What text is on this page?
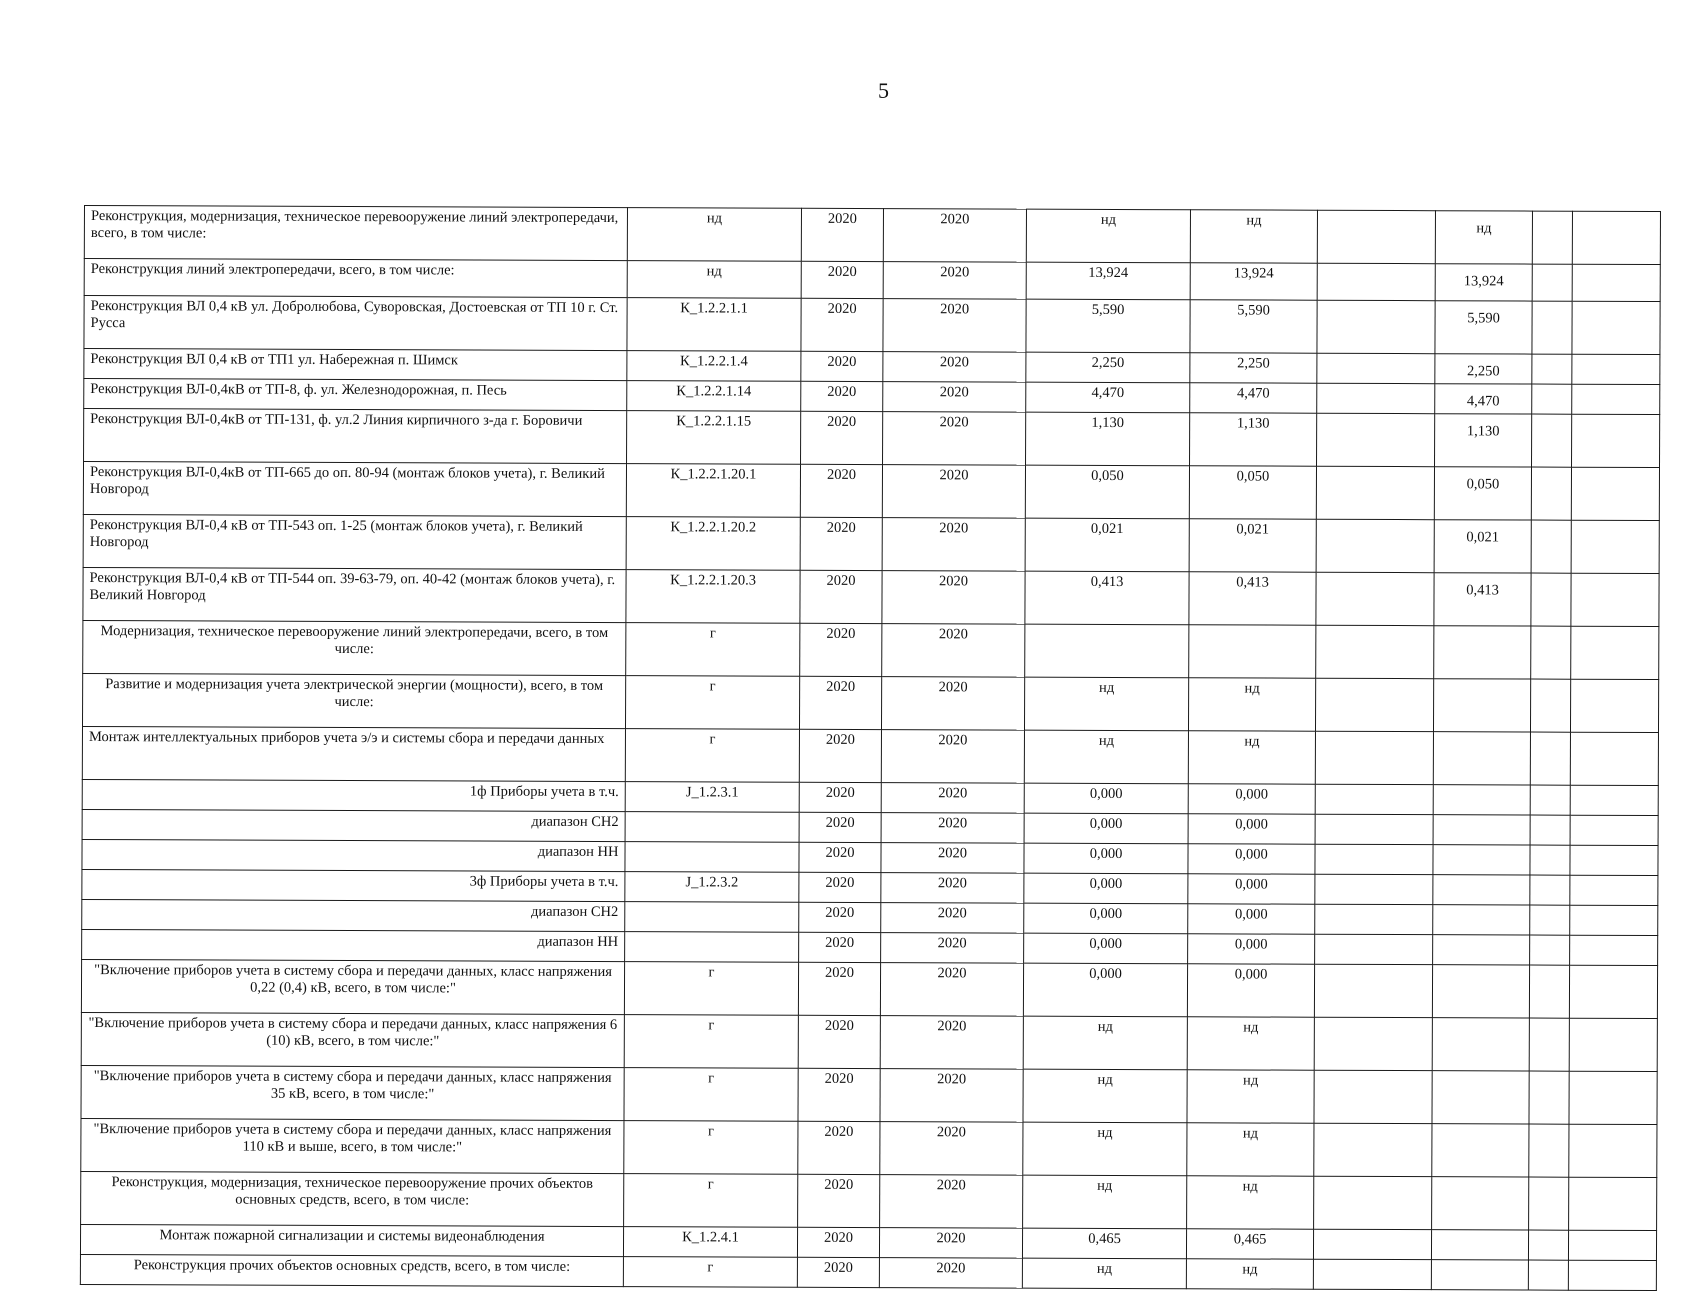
5
Реконструкция, модернизация, техническое перевооружение линий электропередачи, всего, в том числе:	нд	2020	2020	нд	нд		нд		
Реконструкция линий электропередачи, всего, в том числе:	нд	2020	2020	13,924	13,924		13,924		
Реконструкция ВЛ 0,4 кВ ул. Добролюбова, Суворовская, Достоевская от ТП 10 г. Ст. Русса	К_1.2.2.1.1	2020	2020	5,590	5,590		5,590		
Реконструкция ВЛ 0,4 кВ от ТП1 ул. Набережная п. Шимск	К_1.2.2.1.4	2020	2020	2,250	2,250		2,250		
Реконструкция ВЛ-0,4кВ от ТП-8, ф. ул. Железнодорожная, п. Песь	К_1.2.2.1.14	2020	2020	4,470	4,470		4,470		
Реконструкция ВЛ-0,4кВ от ТП-131, ф. ул.2 Линия кирпичного з-да г. Боровичи	К_1.2.2.1.15	2020	2020	1,130	1,130		1,130		
Реконструкция ВЛ-0,4кВ от ТП-665 до оп. 80-94 (монтаж блоков учета), г. Великий Новгород	К_1.2.2.1.20.1	2020	2020	0,050	0,050		0,050		
Реконструкция ВЛ-0,4 кВ от ТП-543 оп. 1-25 (монтаж блоков учета), г. Великий Новгород	К_1.2.2.1.20.2	2020	2020	0,021	0,021		0,021		
Реконструкция ВЛ-0,4 кВ от ТП-544 оп. 39-63-79, оп. 40-42 (монтаж блоков учета), г. Великий Новгород	К_1.2.2.1.20.3	2020	2020	0,413	0,413		0,413		
Модернизация, техническое перевооружение линий электропередачи, всего, в том числе:	г	2020	2020						
Развитие и модернизация учета электрической энергии (мощности), всего, в том числе:	г	2020	2020	нд	нд				
Монтаж интеллектуальных приборов учета э/э и системы сбора и передачи данных	г	2020	2020	нд	нд				
1ф Приборы учета в т.ч.	J_1.2.3.1	2020	2020	0,000	0,000				
диапазон СН2		2020	2020	0,000	0,000				
диапазон НН		2020	2020	0,000	0,000				
3ф Приборы учета в т.ч.	J_1.2.3.2	2020	2020	0,000	0,000				
диапазон СН2		2020	2020	0,000	0,000				
диапазон НН		2020	2020	0,000	0,000				
"Включение приборов учета в систему сбора и передачи данных, класс напряжения 0,22 (0,4) кВ, всего, в том числе:"	г	2020	2020	0,000	0,000				
"Включение приборов учета в систему сбора и передачи данных, класс напряжения 6 (10) кВ, всего, в том числе:"	г	2020	2020	нд	нд				
"Включение приборов учета в систему сбора и передачи данных, класс напряжения 35 кВ, всего, в том числе:"	г	2020	2020	нд	нд				
"Включение приборов учета в систему сбора и передачи данных, класс напряжения 110 кВ и выше, всего, в том числе:"	г	2020	2020	нд	нд				
Реконструкция, модернизация, техническое перевооружение прочих объектов основных средств, всего, в том числе:	г	2020	2020	нд	нд				
Монтаж пожарной сигнализации и системы видеонаблюдения	К_1.2.4.1	2020	2020	0,465	0,465				
Реконструкция прочих объектов основных средств, всего, в том числе:	г	2020	2020	нд	нд				
